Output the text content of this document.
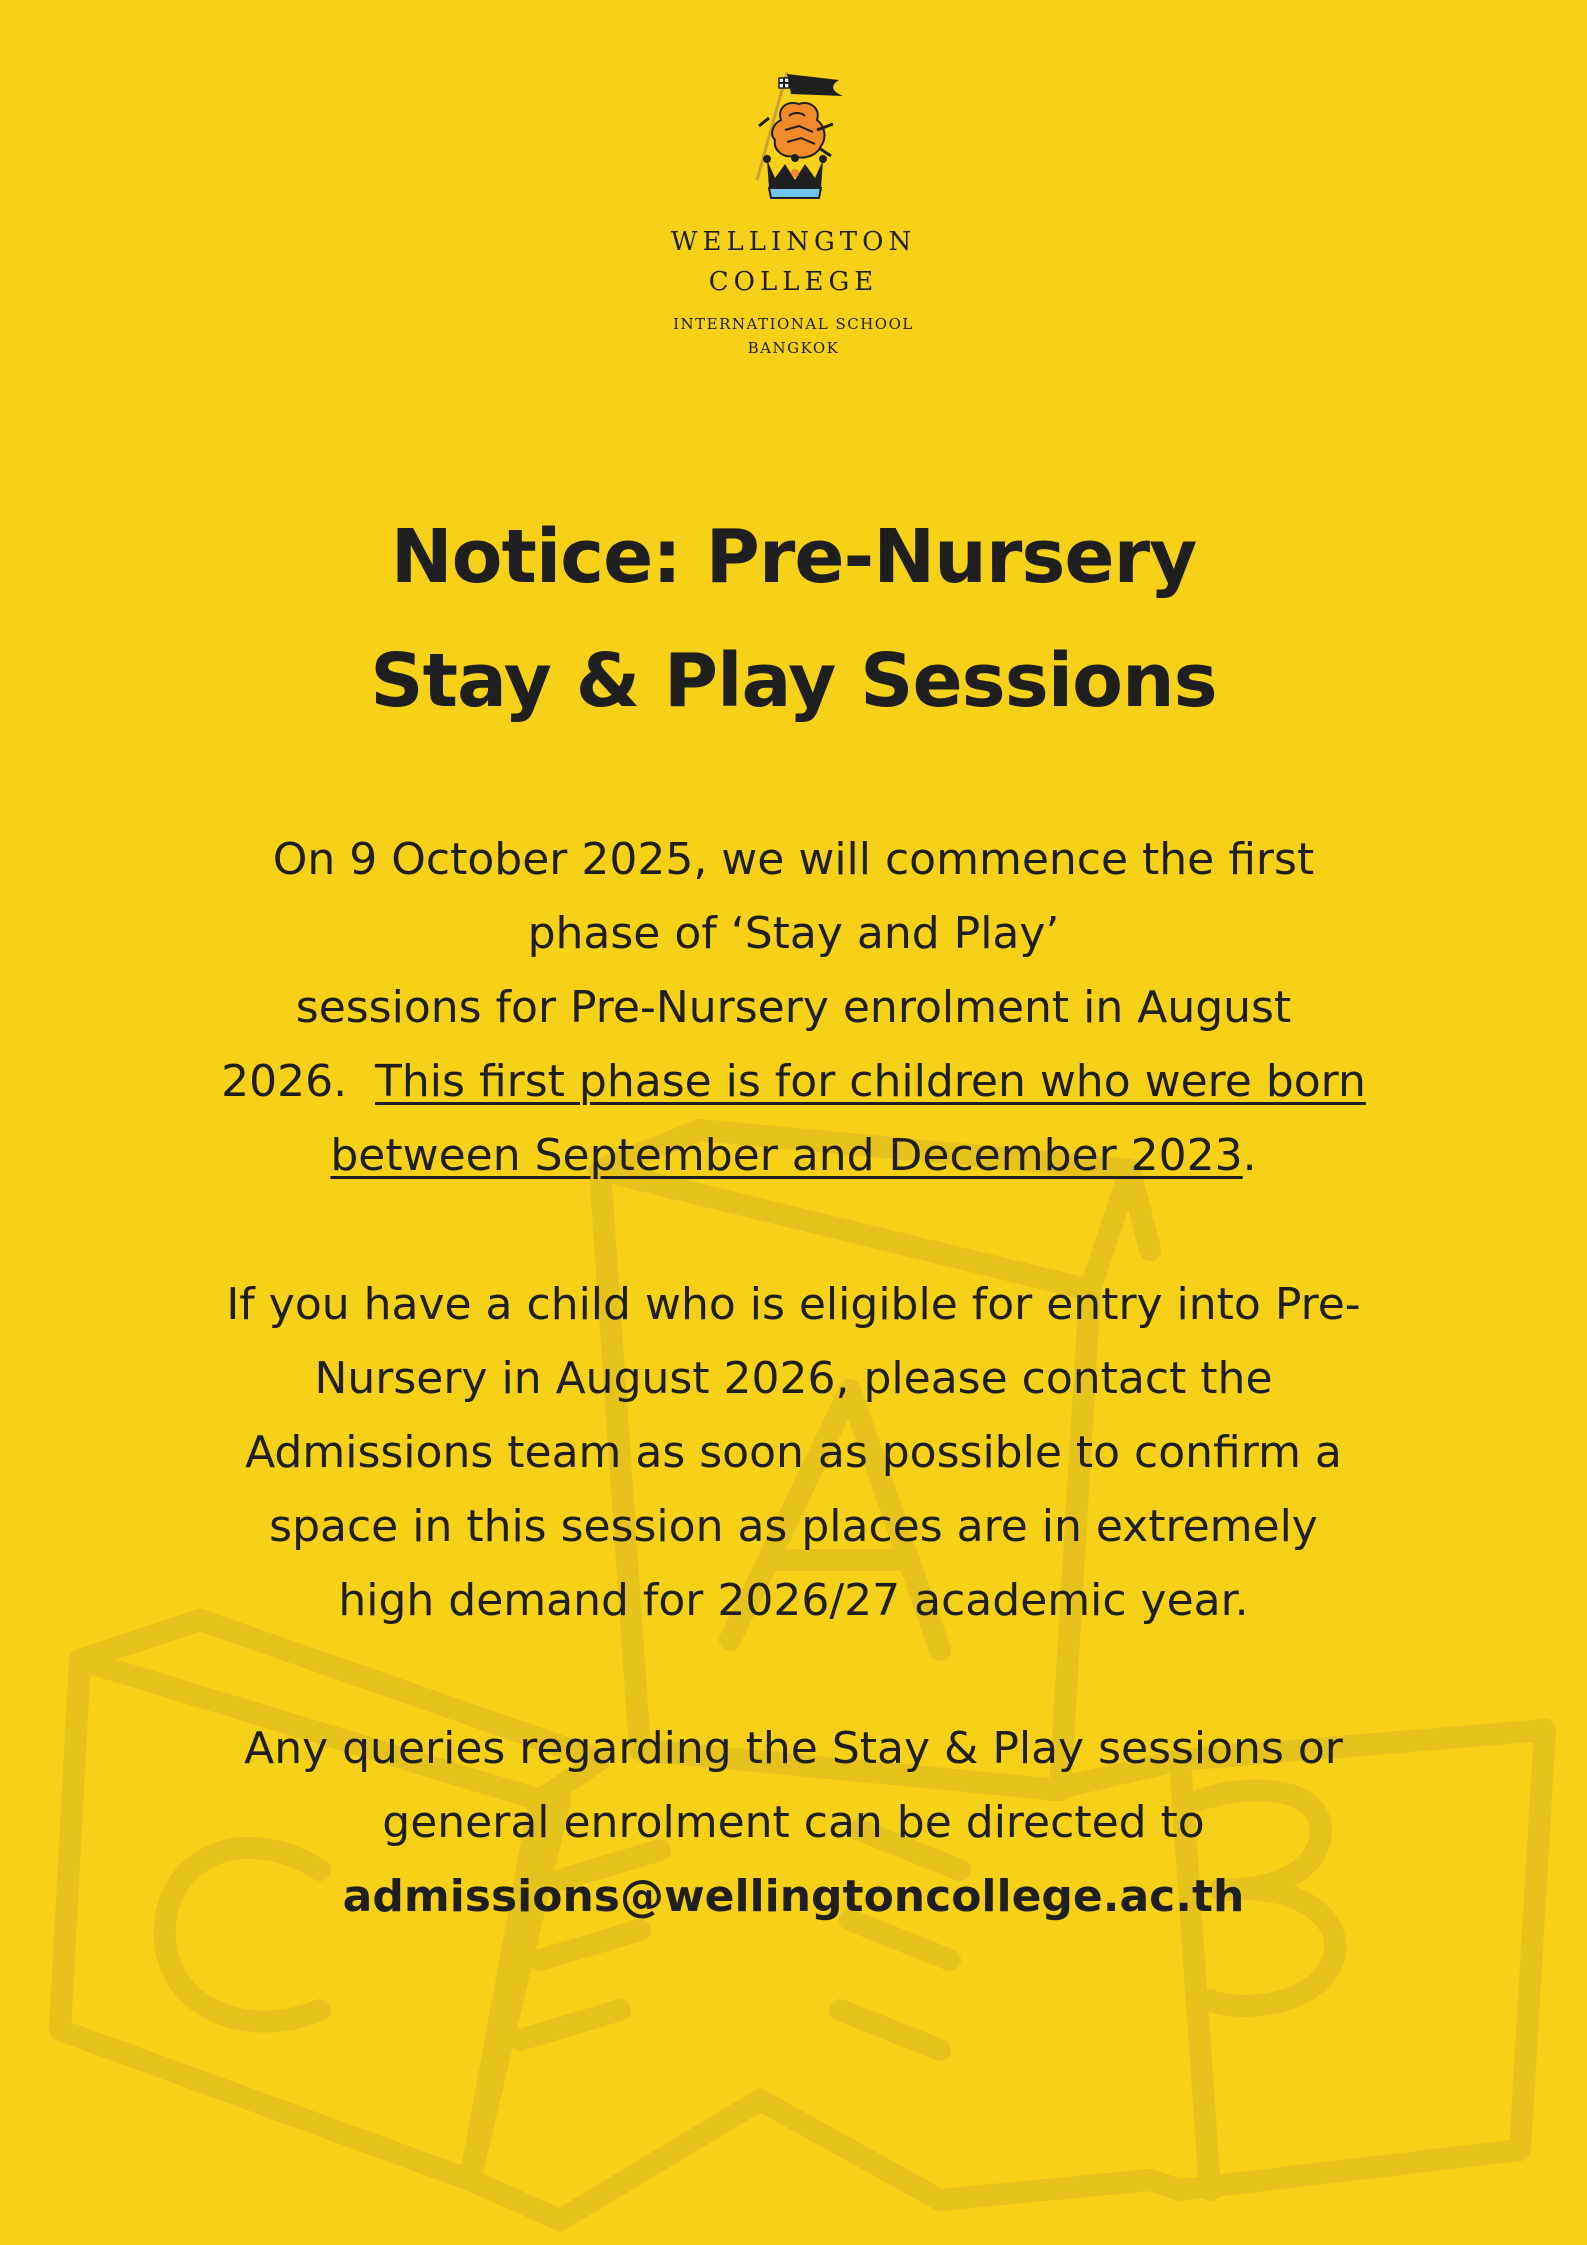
WELLINGTON
COLLEGE
INTERNATIONAL SCHOOL
BANGKOK
Notice: Pre-Nursery
Stay & Play Sessions
On 9 October 2025, we will commence the first
phase of ‘Stay and Play’
sessions for Pre-Nursery enrolment in August
2026.  This first phase is for children who were born
between September and December 2023.
If you have a child who is eligible for entry into Pre-
Nursery in August 2026, please contact the
Admissions team as soon as possible to confirm a
space in this session as places are in extremely
high demand for 2026/27 academic year.
Any queries regarding the Stay & Play sessions or
general enrolment can be directed to
admissions@wellingtoncollege.ac.th
